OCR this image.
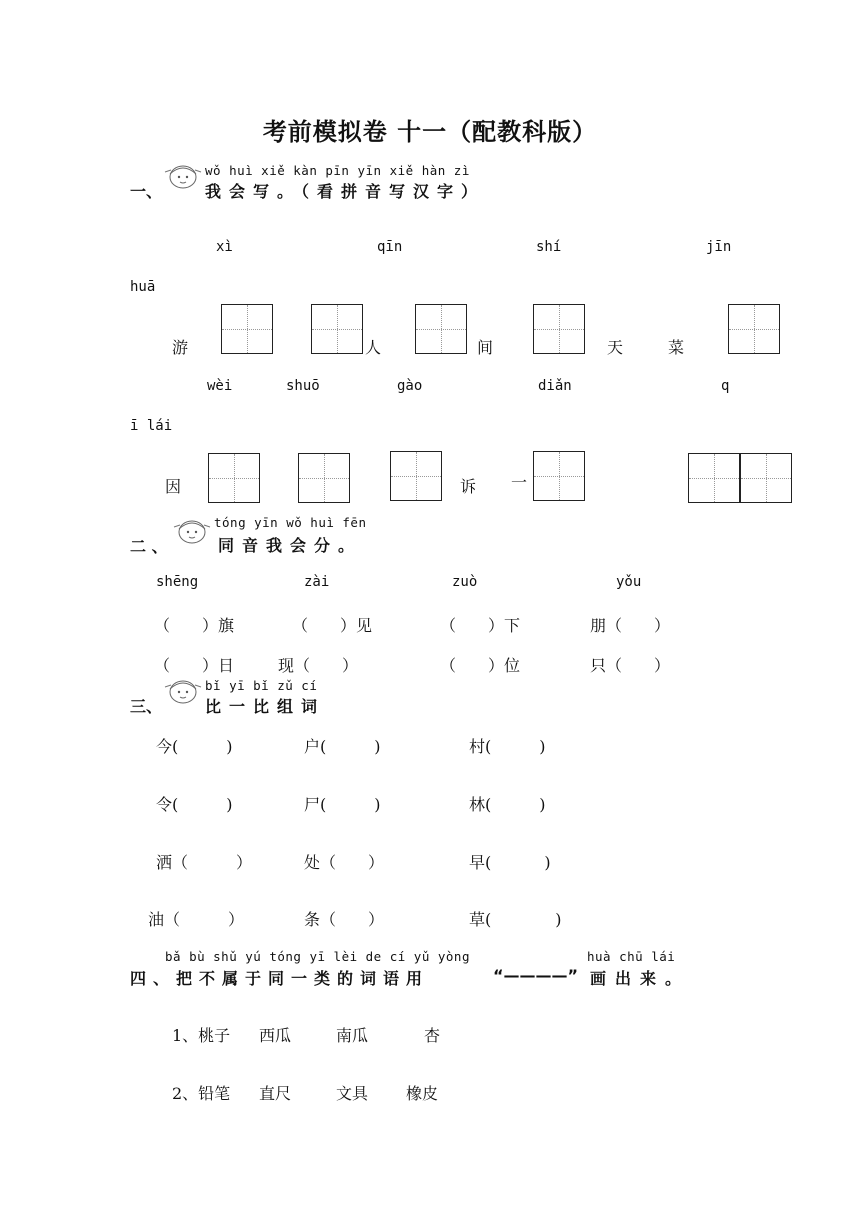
考前模拟卷 十一（配教科版）
一、
wǒ huì xiě kàn pīn yīn xiě hàn zì
我会写。（看拼音写汉字）
xì	qīn	shí	jīn
huā
游	人	间	天	菜
wèi	shuō	gào	diǎn	q
ī lái
因	诉 一
二 、
tóng yīn wǒ huì fēn
同音我会分。
shēng	zài	zuò	yǒu
（　　）旗	（　　）见	（　　）下	朋（　　）
（　　）日	现（　　）	（　　）位	只（　　）
三、
bǐ yī bǐ zǔ cí
比一比组词
今(　　　)	户(　　　)	村(　　　)
令(　　　)	尸(　　　)	林(　　　)
洒（　　　）	处（　　）	早(　　　 )
油（　　　）	条（　　）	草(　　　　)
bǎ bù shǔ yú tóng yī lèi de cí yǔ yòng	huà chū lái
四、把不属于同一类的词语用	“————” 画出来。
1、桃子 西瓜	南瓜	杏
2、铅笔 直尺	文具 橡皮
